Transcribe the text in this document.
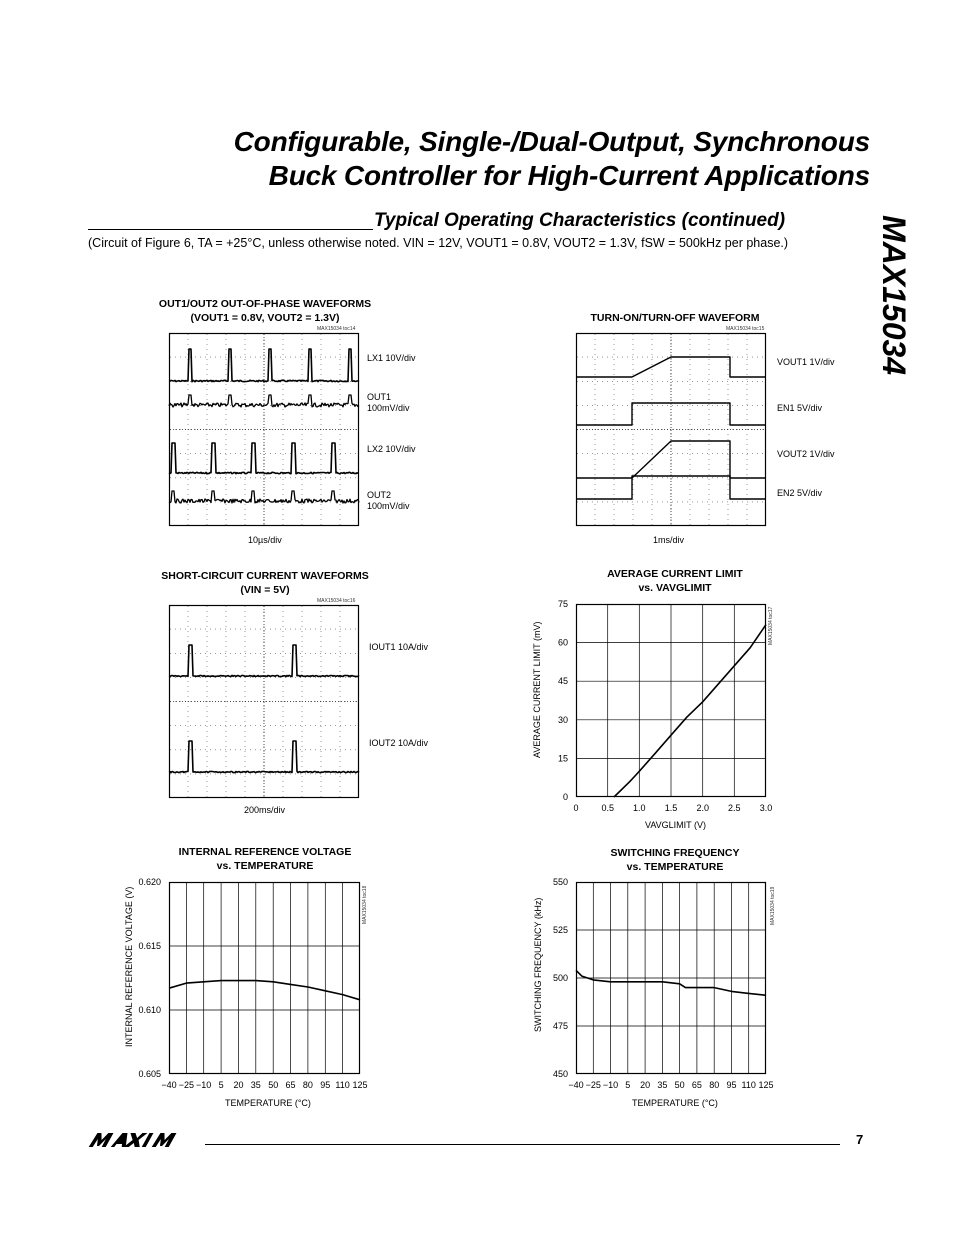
Configurable, Single-/Dual-Output, Synchronous
Buck Controller for High-Current Applications
MAX15034
Typical Operating Characteristics (continued)
(Circuit of Figure 6, TA = +25°C, unless otherwise noted. VIN = 12V, VOUT1 = 0.8V, VOUT2 = 1.3V, fSW = 500kHz per phase.)
OUT1/OUT2 OUT-OF-PHASE WAVEFORMS
(VOUT1 = 0.8V, VOUT2 = 1.3V)
MAX15034 toc14
LX1 10V/div
OUT1 100mV/div
LX2 10V/div
OUT2 100mV/div
10µs/div
TURN-ON/TURN-OFF WAVEFORM
MAX15034 toc15
VOUT1 1V/div
EN1 5V/div
VOUT2 1V/div
EN2 5V/div
1ms/div
SHORT-CIRCUIT CURRENT WAVEFORMS
(VIN = 5V)
MAX15034 toc16
IOUT1 10A/div
IOUT2 10A/div
200ms/div
AVERAGE CURRENT LIMIT
vs. VAVGLIMIT
0	0.5 1.0 1.5 2.0 2.5 3.0
0
15
30
45
60
75
VAVGLIMIT (V)
AVERAGE CURRENT LIMIT (mV)	MAX15034 toc17
INTERNAL REFERENCE VOLTAGE
vs. TEMPERATURE
−40 −25 −10 5 20 35 50 65 80 95 110 125
0.605
0.610
0.615
0.620
TEMPERATURE (°C)
INTERNAL REFERENCE VOLTAGE (V)	MAX15034 toc18
SWITCHING FREQUENCY
vs. TEMPERATURE
−40 −25 −10 5 20 35 50 65 80 95 110 125
450
475
500
525
550
TEMPERATURE (°C)
SWITCHING FREQUENCY (kHz)	MAX15034 toc19
7
